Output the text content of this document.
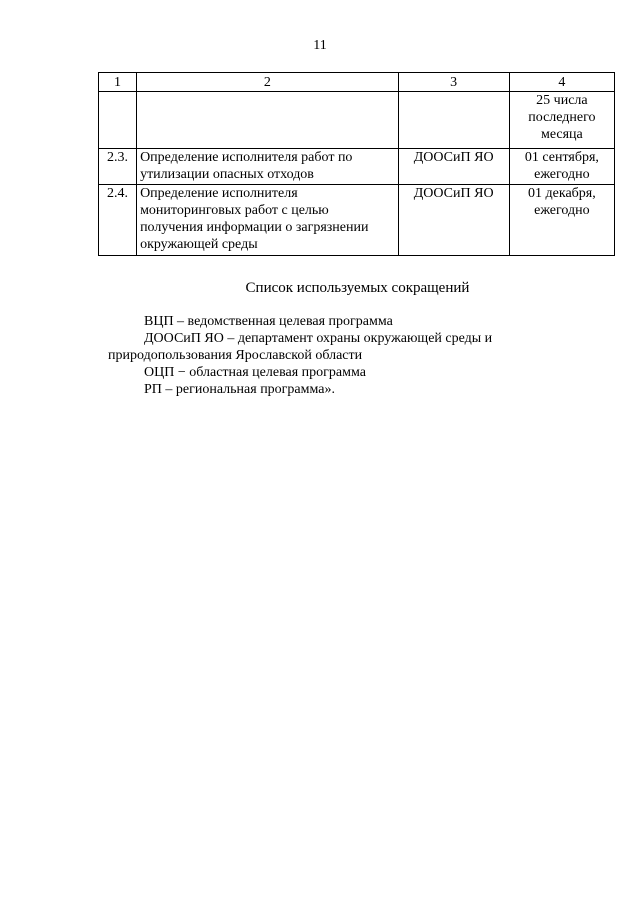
11
1	2	3	4
			25 числа последнего месяца
2.3.	Определение исполнителя работ по утилизации опасных отходов	ДООСиП ЯО	01 сентября, ежегодно
2.4.	Определение исполнителя мониторинговых работ с целью получения информации о загрязнении окружающей среды	ДООСиП ЯО	01 декабря, ежегодно
Список используемых сокращений

ВЦП – ведомственная целевая программа

ДООСиП ЯО – департамент охраны окружающей среды и природопользования Ярославской области

ОЦП − областная целевая программа

РП – региональная программа».
